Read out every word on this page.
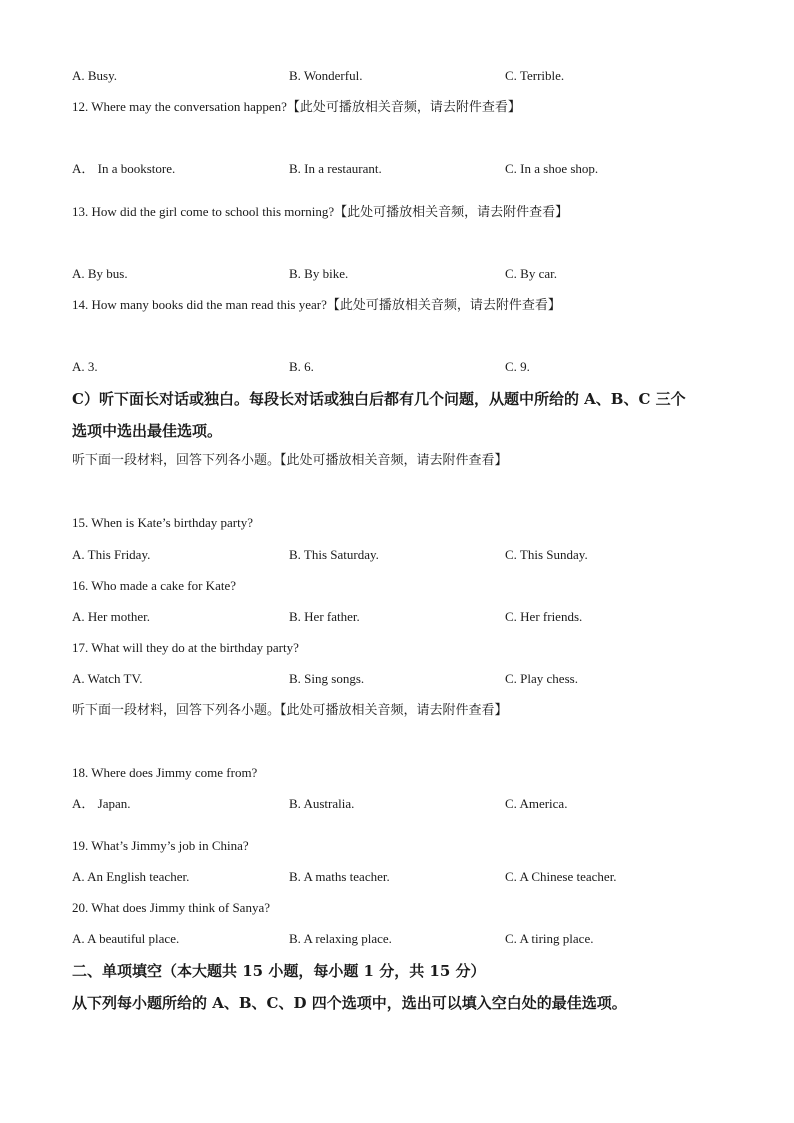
A. Busy.	B. Wonderful.	C. Terrible.
12. Where may the conversation happen?【此处可播放相关音频，请去附件查看】
A． In a bookstore.	B. In a restaurant.	C. In a shoe shop.
13. How did the girl come to school this morning?【此处可播放相关音频，请去附件查看】
A. By bus.	B. By bike.	C. By car.
14. How many books did the man read this year?【此处可播放相关音频，请去附件查看】
A. 3.	B. 6.	C. 9.
C）听下面长对话或独白。每段长对话或独白后都有几个问题，从题中所给的 A、B、C 三个
选项中选出最佳选项。
听下面一段材料，回答下列各小题。【此处可播放相关音频，请去附件查看】
15. When is Kate’s birthday party?
A. This Friday.	B. This Saturday.	C. This Sunday.
16. Who made a cake for Kate?
A. Her mother.	B. Her father.	C. Her friends.
17. What will they do at the birthday party?
A. Watch TV.	B. Sing songs.	C. Play chess.
听下面一段材料，回答下列各小题。【此处可播放相关音频，请去附件查看】
18. Where does Jimmy come from?
A． Japan.	B. Australia.	C. America.
19. What’s Jimmy’s job in China?
A. An English teacher.	B. A maths teacher.	C. A Chinese teacher.
20. What does Jimmy think of Sanya?
A. A beautiful place.	B. A relaxing place.	C. A tiring place.
二、单项填空（本大题共 15 小题，每小题 1 分，共 15 分）
从下列每小题所给的 A、B、C、D 四个选项中，选出可以填入空白处的最佳选项。
